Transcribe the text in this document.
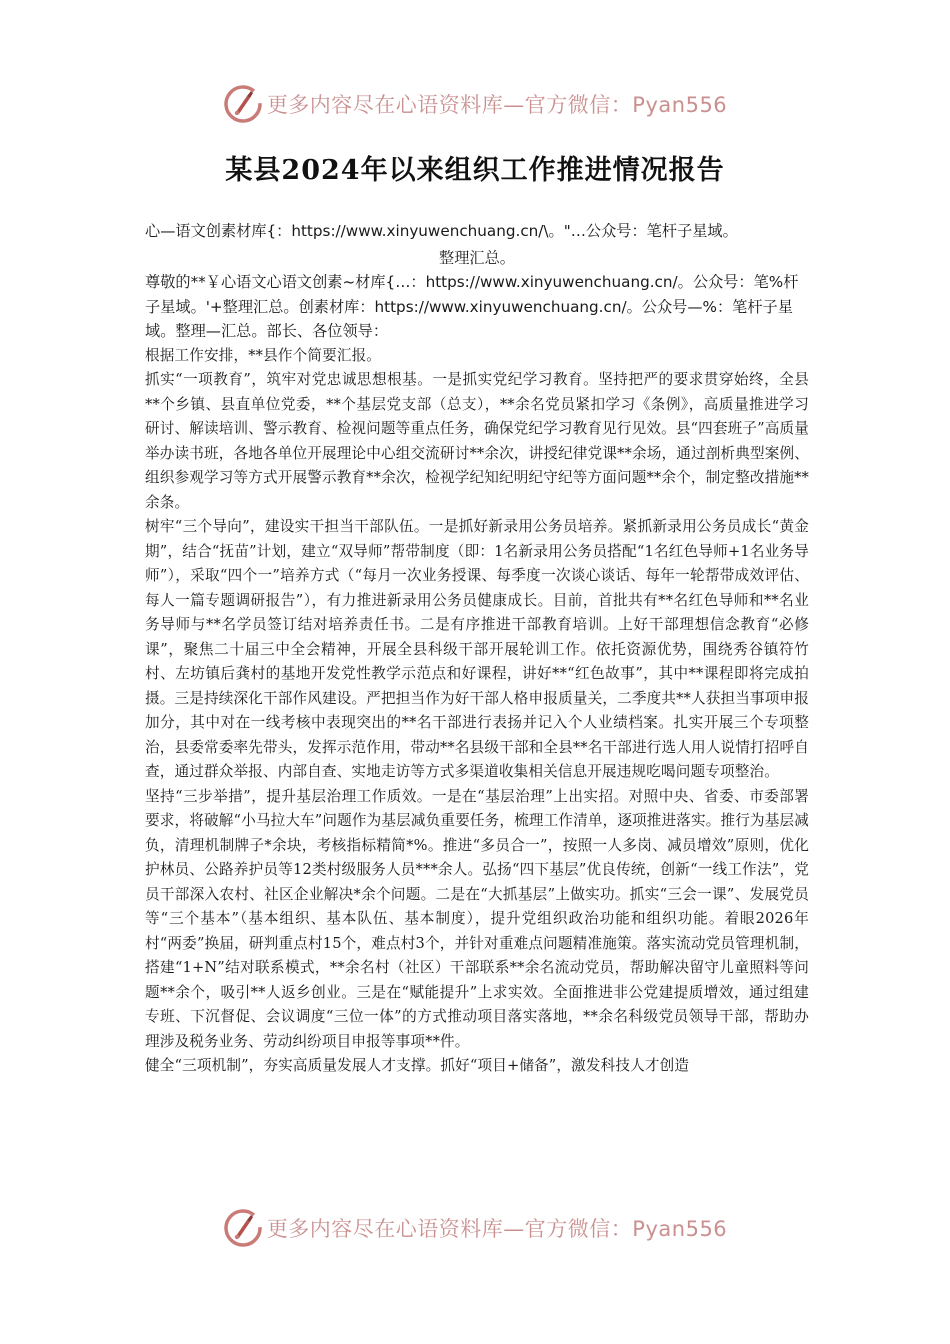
更多内容尽在心语资料库—官方微信：Pyan556
某县2024年以来组织工作推进情况报告

心—语文创素材库{：https://www.xinyuwenchuang.cn/\。"…公众号：笔杆子星域。

整理汇总。

尊敬的**￥心语文心语文创素~材库{…：https://www.xinyuwenchuang.cn/。公众号：笔%杆子星域。'+整理汇总。创素材库：https://www.xinyuwenchuang.cn/。公众号—%：笔杆子星域。整理—汇总。部长、各位领导：

根据工作安排，**县作个简要汇报。

抓实“一项教育”，筑牢对党忠诚思想根基。一是抓实党纪学习教育。坚持把严的要求贯穿始终，全县**个乡镇、县直单位党委，**个基层党支部（总支），**余名党员紧扣学习《条例》，高质量推进学习研讨、解读培训、警示教育、检视问题等重点任务，确保党纪学习教育见行见效。县“四套班子”高质量举办读书班，各地各单位开展理论中心组交流研讨**余次，讲授纪律党课**余场，通过剖析典型案例、组织参观学习等方式开展警示教育**余次，检视学纪知纪明纪守纪等方面问题**余个，制定整改措施**余条。

树牢“三个导向”，建设实干担当干部队伍。一是抓好新录用公务员培养。紧抓新录用公务员成长“黄金期”，结合“抚苗”计划，建立“双导师”帮带制度（即：1名新录用公务员搭配“1名红色导师+1名业务导师”），采取“四个一”培养方式（“每月一次业务授课、每季度一次谈心谈话、每年一轮帮带成效评估、每人一篇专题调研报告”），有力推进新录用公务员健康成长。目前，首批共有**名红色导师和**名业务导师与**名学员签订结对培养责任书。二是有序推进干部教育培训。上好干部理想信念教育“必修课”，聚焦二十届三中全会精神，开展全县科级干部开展轮训工作。依托资源优势，围绕秀谷镇符竹村、左坊镇后龚村的基地开发党性教学示范点和好课程，讲好**“红色故事”，其中**课程即将完成拍摄。三是持续深化干部作风建设。严把担当作为好干部人格申报质量关，二季度共**人获担当事项申报加分，其中对在一线考核中表现突出的**名干部进行表扬并记入个人业绩档案。扎实开展三个专项整治，县委常委率先带头，发挥示范作用，带动**名县级干部和全县**名干部进行选人用人说情打招呼自查，通过群众举报、内部自查、实地走访等方式多渠道收集相关信息开展违规吃喝问题专项整治。

坚持“三步举措”，提升基层治理工作质效。一是在“基层治理”上出实招。对照中央、省委、市委部署要求，将破解“小马拉大车”问题作为基层减负重要任务，梳理工作清单，逐项推进落实。推行为基层减负，清理机制牌子*余块，考核指标精简*%。推进“多员合一”，按照一人多岗、减员增效”原则，优化护林员、公路养护员等12类村级服务人员***余人。弘扬“四下基层”优良传统，创新“一线工作法”，党员干部深入农村、社区企业解决*余个问题。二是在“大抓基层”上做实功。抓实“三会一课”、发展党员等“三个基本”（基本组织、基本队伍、基本制度），提升党组织政治功能和组织功能。着眼2026年村“两委”换届，研判重点村15个，难点村3个，并针对重难点问题精准施策。落实流动党员管理机制，搭建“1+N”结对联系模式，**余名村（社区）干部联系**余名流动党员，帮助解决留守儿童照料等问题**余个，吸引**人返乡创业。三是在“赋能提升”上求实效。全面推进非公党建提质增效，通过组建专班、下沉督促、会议调度“三位一体”的方式推动项目落实落地，**余名科级党员领导干部，帮助办理涉及税务业务、劳动纠纷项目申报等事项**件。

健全“三项机制”，夯实高质量发展人才支撑。抓好“项目+储备”，激发科技人才创造

更多内容尽在心语资料库—官方微信：Pyan556
